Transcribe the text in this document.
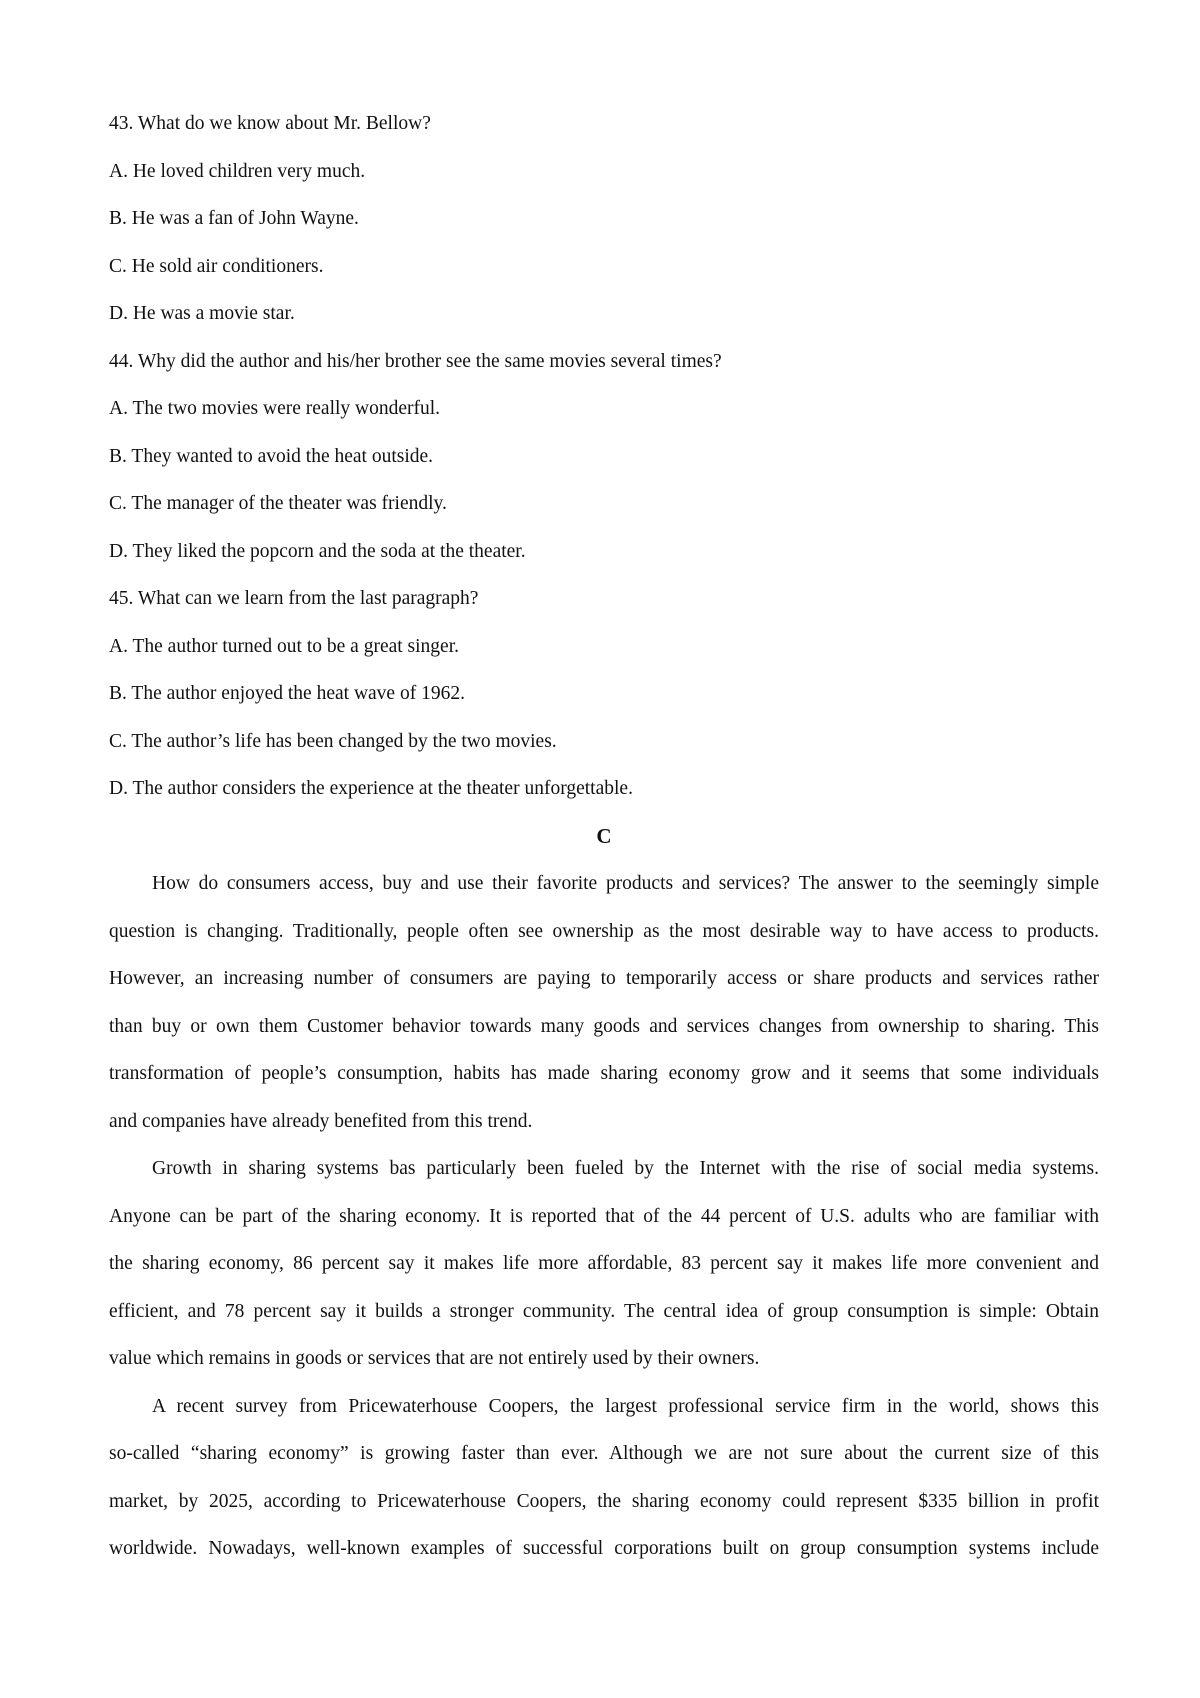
43. What do we know about Mr. Bellow?
A. He loved children very much.
B. He was a fan of John Wayne.
C. He sold air conditioners.
D. He was a movie star.
44. Why did the author and his/her brother see the same movies several times?
A. The two movies were really wonderful.
B. They wanted to avoid the heat outside.
C. The manager of the theater was friendly.
D. They liked the popcorn and the soda at the theater.
45. What can we learn from the last paragraph?
A. The author turned out to be a great singer.
B. The author enjoyed the heat wave of 1962.
C. The author’s life has been changed by the two movies.
D. The author considers the experience at the theater unforgettable.
C
How do consumers access, buy and use their favorite products and services? The answer to the seemingly simple
question is changing. Traditionally, people often see ownership as the most desirable way to have access to products.
However, an increasing number of consumers are paying to temporarily access or share products and services rather
than buy or own them Customer behavior towards many goods and services changes from ownership to sharing. This
transformation of people’s consumption, habits has made sharing economy grow and it seems that some individuals
and companies have already benefited from this trend.
Growth in sharing systems bas particularly been fueled by the Internet with the rise of social media systems.
Anyone can be part of the sharing economy. It is reported that of the 44 percent of U.S. adults who are familiar with
the sharing economy, 86 percent say it makes life more affordable, 83 percent say it makes life more convenient and
efficient, and 78 percent say it builds a stronger community. The central idea of group consumption is simple: Obtain
value which remains in goods or services that are not entirely used by their owners.
A recent survey from Pricewaterhouse Coopers, the largest professional service firm in the world, shows this
so-called “sharing economy” is growing faster than ever. Although we are not sure about the current size of this
market, by 2025, according to Pricewaterhouse Coopers, the sharing economy could represent $335 billion in profit
worldwide. Nowadays, well-known examples of successful corporations built on group consumption systems include
